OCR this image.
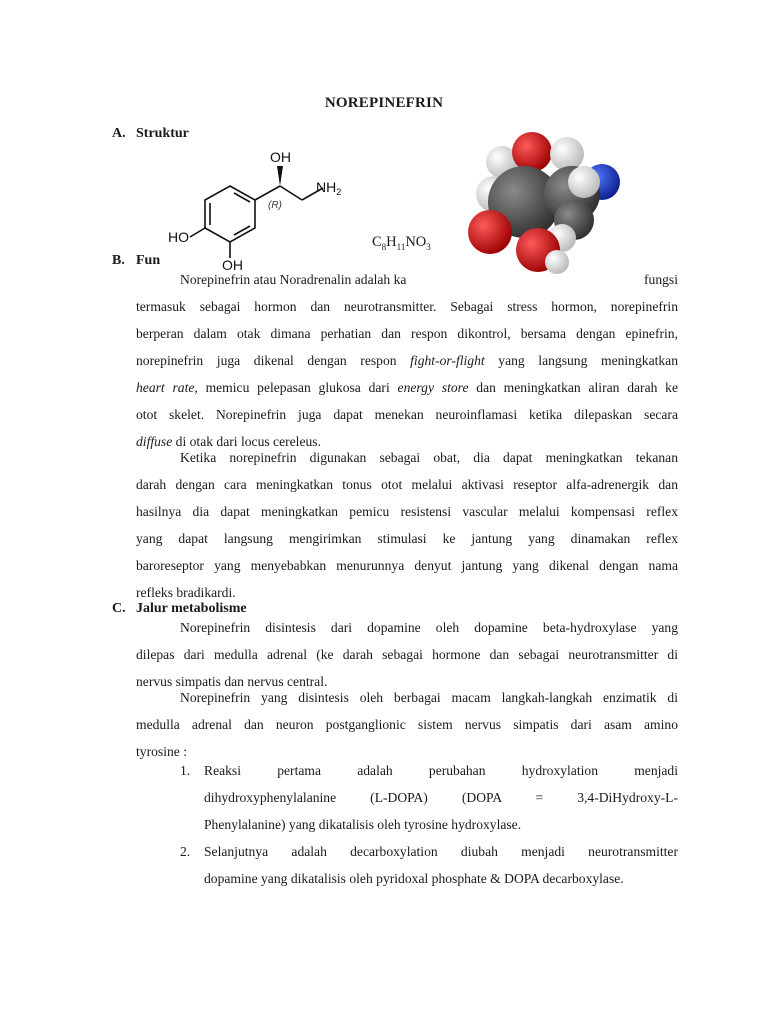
NOREPINEFRIN
A. Struktur
OH
$NH_2$
(R)
HO
OH
$C_8H_{11}NO_3$
B. Fun
Norepinefrin atau Noradrenalin adalah ka	fungsi
termasuk sebagai hormon dan neurotransmitter. Sebagai stress hormon, norepinefrin
berperan dalam otak dimana perhatian dan respon dikontrol, bersama dengan epinefrin,
norepinefrin juga dikenal dengan respon fight-or-flight yang langsung meningkatkan
heart rate, memicu pelepasan glukosa dari energy store dan meningkatkan aliran darah ke
otot skelet. Norepinefrin juga dapat menekan neuroinflamasi ketika dilepaskan secara
diffuse di otak dari locus cereleus.
Ketika norepinefrin digunakan sebagai obat, dia dapat meningkatkan tekanan
darah dengan cara meningkatkan tonus otot melalui aktivasi reseptor alfa-adrenergik dan
hasilnya dia dapat meningkatkan pemicu resistensi vascular melalui kompensasi reflex
yang dapat langsung mengirimkan stimulasi ke jantung yang dinamakan reflex
baroreseptor yang menyebabkan menurunnya denyut jantung yang dikenal dengan nama
refleks bradikardi.
C. Jalur metabolisme
Norepinefrin disintesis dari dopamine oleh dopamine beta-hydroxylase yang
dilepas dari medulla adrenal (ke darah sebagai hormone dan sebagai neurotransmitter di
nervus simpatis dan nervus central.
Norepinefrin yang disintesis oleh berbagai macam langkah-langkah enzimatik di
medulla adrenal dan neuron postganglionic sistem nervus simpatis dari asam amino
tyrosine :
1. Reaksi pertama adalah perubahan hydroxylation menjadi
dihydroxyphenylalanine (L-DOPA) (DOPA = 3,4-DiHydroxy-L-
Phenylalanine) yang dikatalisis oleh tyrosine hydroxylase.
2. Selanjutnya adalah decarboxylation diubah menjadi neurotransmitter
dopamine yang dikatalisis oleh pyridoxal phosphate & DOPA decarboxylase.
